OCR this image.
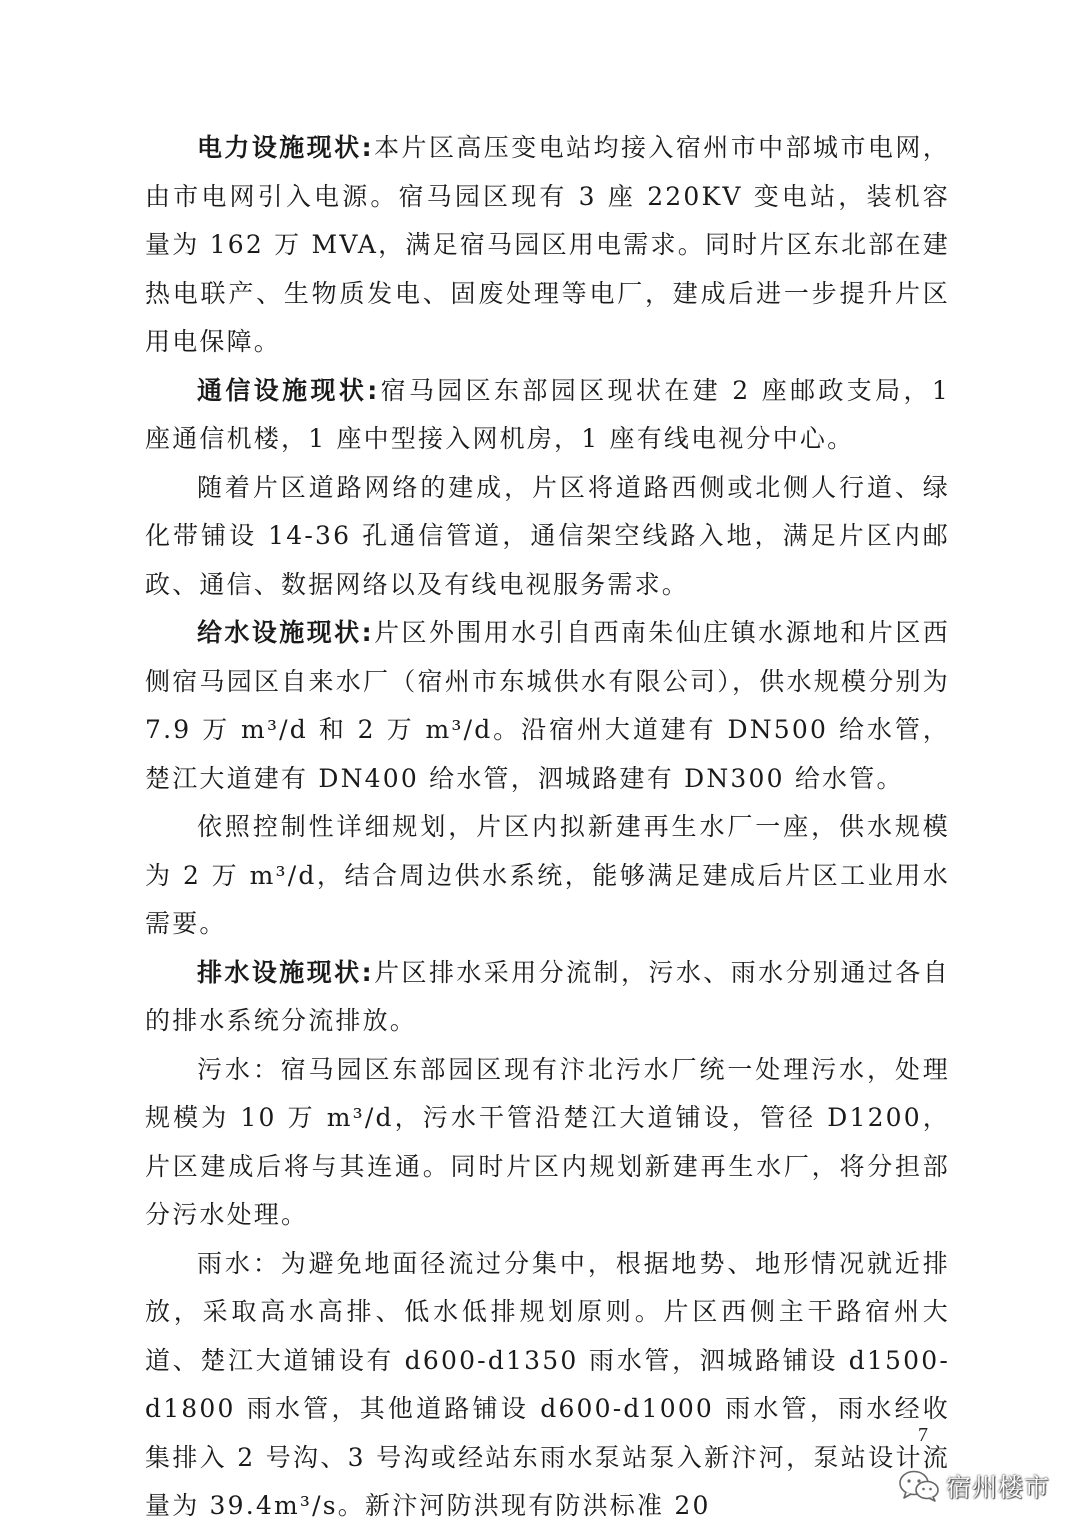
电力设施现状:本片区高压变电站均接入宿州市中部城市电网，由市电网引入电源。宿马园区现有 3 座 220KV 变电站，装机容量为 162 万 MVA，满足宿马园区用电需求。同时片区东北部在建热电联产、生物质发电、固废处理等电厂，建成后进一步提升片区用电保障。

通信设施现状:宿马园区东部园区现状在建 2 座邮政支局，1 座通信机楼，1 座中型接入网机房，1 座有线电视分中心。

随着片区道路网络的建成，片区将道路西侧或北侧人行道、绿化带铺设 14-36 孔通信管道，通信架空线路入地，满足片区内邮政、通信、数据网络以及有线电视服务需求。

给水设施现状:片区外围用水引自西南朱仙庄镇水源地和片区西侧宿马园区自来水厂（宿州市东城供水有限公司），供水规模分别为 7.9 万 m³/d 和 2 万 m³/d。沿宿州大道建有 DN500 给水管，楚江大道建有 DN400 给水管，泗城路建有 DN300 给水管。

依照控制性详细规划，片区内拟新建再生水厂一座，供水规模为 2 万 m³/d，结合周边供水系统，能够满足建成后片区工业用水需要。

排水设施现状:片区排水采用分流制，污水、雨水分别通过各自的排水系统分流排放。

污水：宿马园区东部园区现有汴北污水厂统一处理污水，处理规模为 10 万 m³/d，污水干管沿楚江大道铺设，管径 D1200，片区建成后将与其连通。同时片区内规划新建再生水厂，将分担部分污水处理。

雨水：为避免地面径流过分集中，根据地势、地形情况就近排放，采取高水高排、低水低排规划原则。片区西侧主干路宿州大道、楚江大道铺设有 d600-d1350 雨水管，泗城路铺设 d1500-d1800 雨水管，其他道路铺设 d600-d1000 雨水管，雨水经收集排入 2 号沟、3 号沟或经站东雨水泵站泵入新汴河，泵站设计流量为 39.4m³/s。新汴河防洪现有防洪标准 20

7
宿州楼市
